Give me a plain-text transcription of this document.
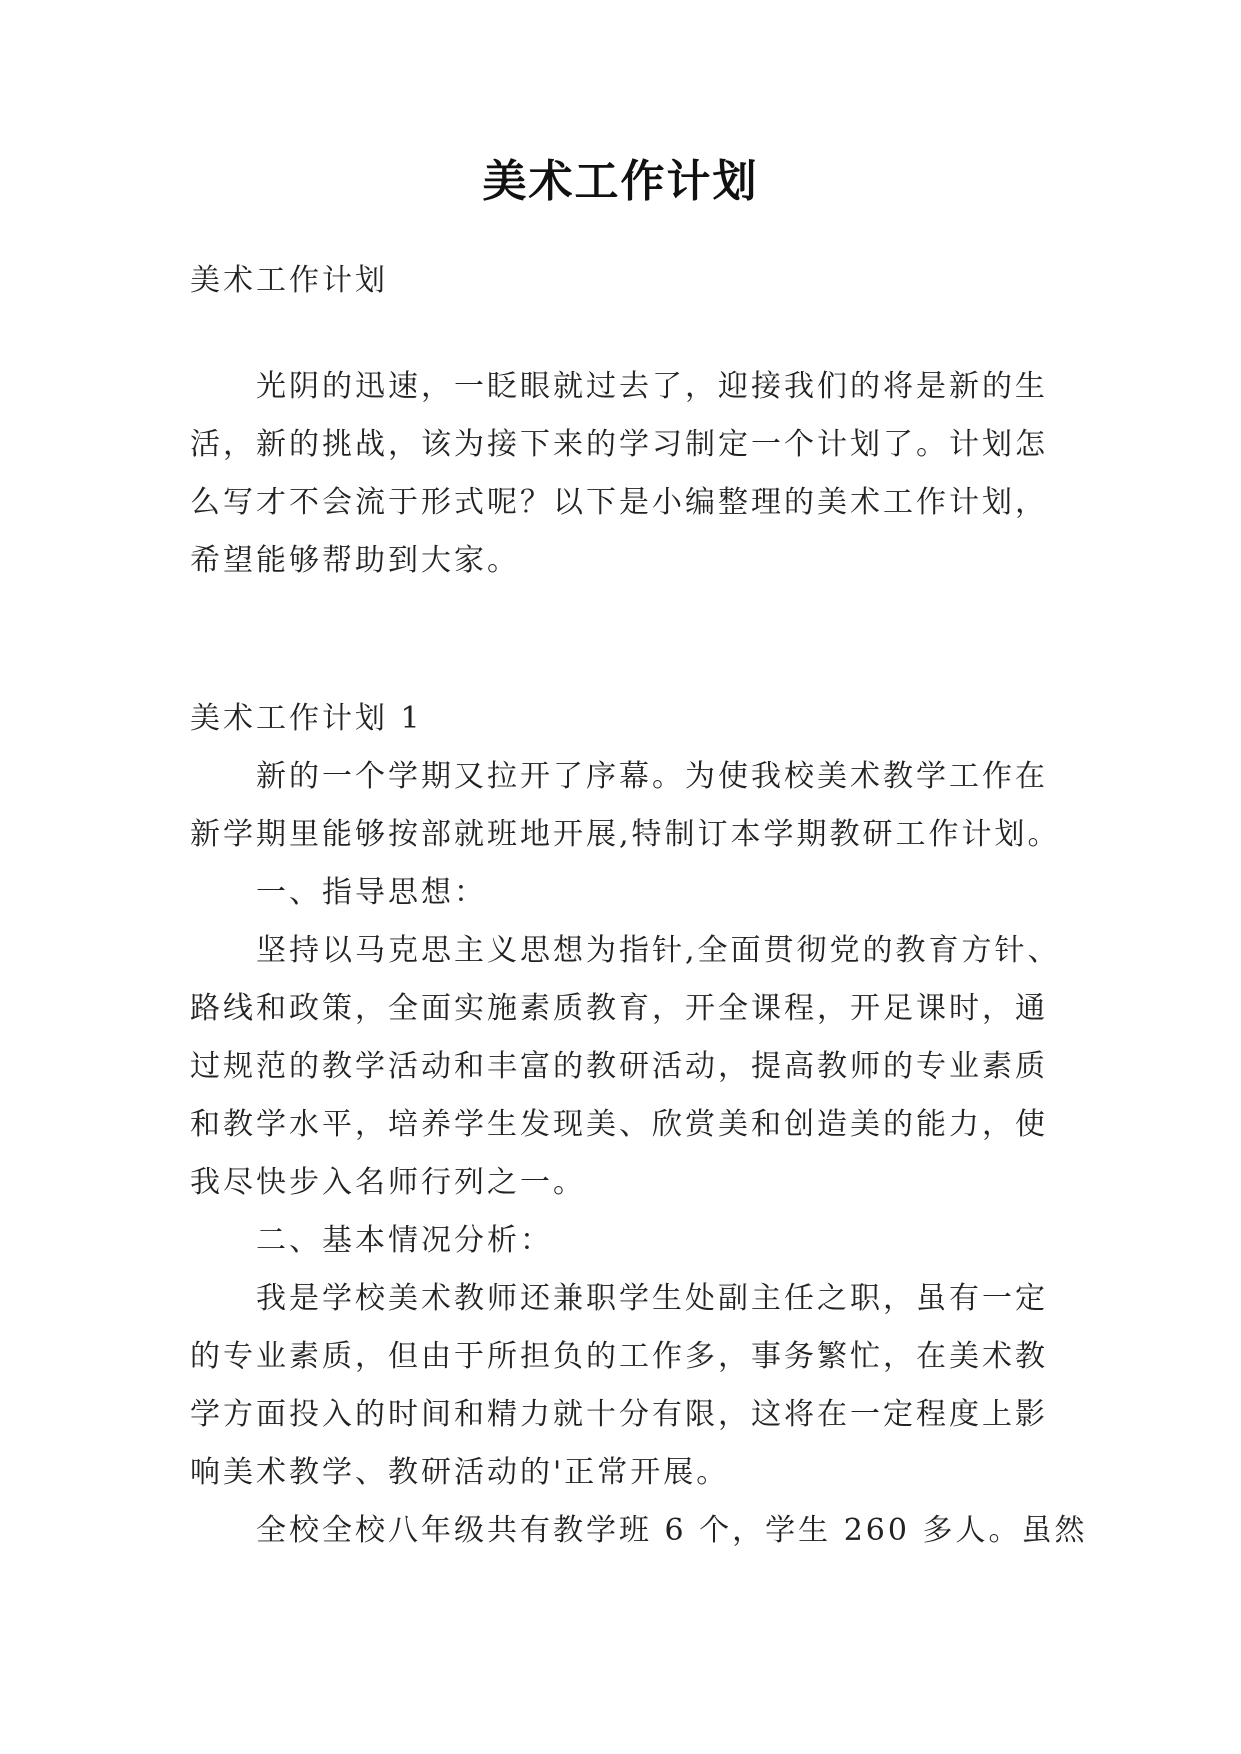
美术工作计划
美术工作计划
光阴的迅速，一眨眼就过去了，迎接我们的将是新的生
活，新的挑战，该为接下来的学习制定一个计划了。计划怎
么写才不会流于形式呢？以下是小编整理的美术工作计划，
希望能够帮助到大家。
美术工作计划 1
新的一个学期又拉开了序幕。为使我校美术教学工作在
新学期里能够按部就班地开展,特制订本学期教研工作计划。
一、指导思想：
坚持以马克思主义思想为指针,全面贯彻党的教育方针、
路线和政策，全面实施素质教育，开全课程，开足课时，通
过规范的教学活动和丰富的教研活动，提高教师的专业素质
和教学水平，培养学生发现美、欣赏美和创造美的能力，使
我尽快步入名师行列之一。
二、基本情况分析：
我是学校美术教师还兼职学生处副主任之职，虽有一定
的专业素质，但由于所担负的工作多，事务繁忙，在美术教
学方面投入的时间和精力就十分有限，这将在一定程度上影
响美术教学、教研活动的'正常开展。
全校全校八年级共有教学班 6 个，学生 260 多人。虽然
